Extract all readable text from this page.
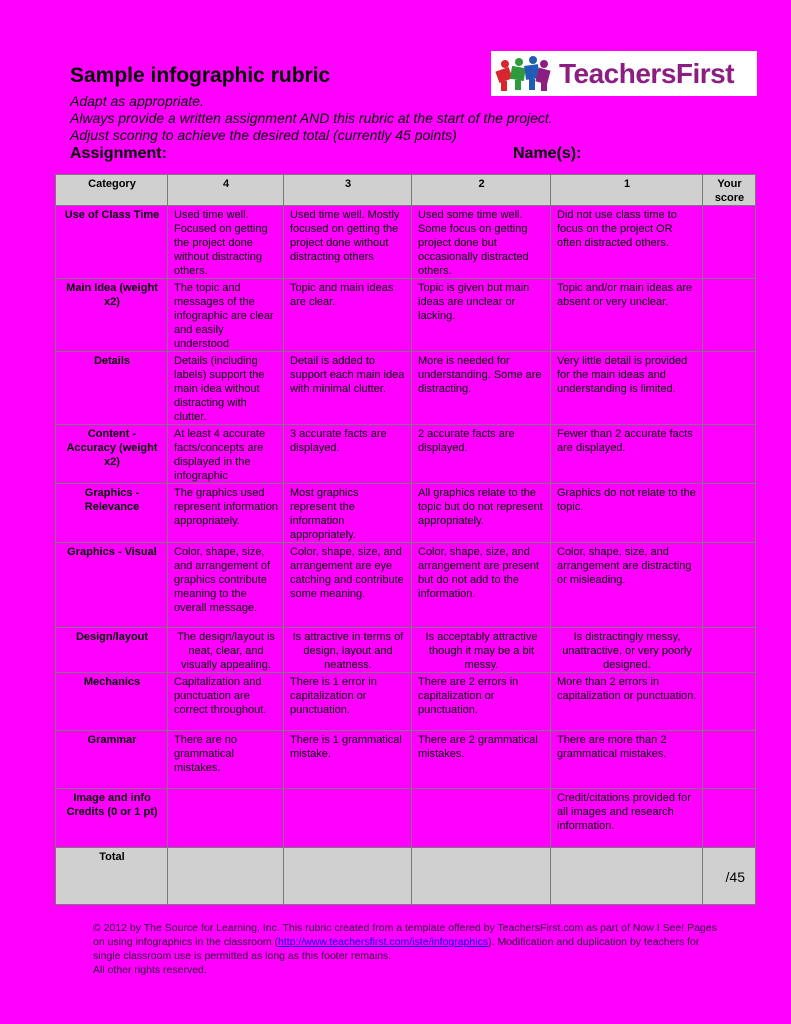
Sample infographic rubric
Adapt as appropriate.
Always provide a written assignment AND this rubric at the start of the project.
Adjust scoring to achieve the desired total (currently 45 points)
Assignment:	Name(s):
TeachersFirst
Category	4	3	2	1	Your score
Use of Class Time	Used time well. Focused on getting the project done without distracting others.	Used time well. Mostly focused on getting the project done without distracting others	Used some time well. Some focus on getting project done but occasionally distracted others.	Did not use class time to focus on the project OR often distracted others.	
Main Idea (weight x2)	The topic and messages of the infographic are clear and easily understood	Topic and main ideas are clear.	Topic is given but main ideas are unclear or lacking.	Topic and/or main ideas are absent or very unclear.	
Details	Details (including labels) support the main idea without distracting with clutter.	Detail is added to support each main idea with minimal clutter.	More is needed for understanding. Some are distracting.	Very little detail is provided for the main ideas and understanding is limited.	
Content - Accuracy (weight x2)	At least 4 accurate facts/concepts are displayed in the infographic	3 accurate facts are displayed.	2 accurate facts are displayed.	Fewer than 2 accurate facts are displayed.	
Graphics - Relevance	The graphics used represent information appropriately.	Most graphics represent the information appropriately.	All graphics relate to the topic but do not represent appropriately.	Graphics do not relate to the topic.	
Graphics - Visual	Color, shape, size, and arrangement of graphics contribute meaning to the overall message.	Color, shape, size, and arrangement are eye catching and contribute some meaning.	Color, shape, size, and arrangement are present but do not add to the information.	Color, shape, size, and arrangement are distracting or misleading.	
Design/layout	The design/layout is neat, clear, and visually appealing.	Is attractive in terms of design, layout and neatness.	Is acceptably attractive though it may be a bit messy.	Is distractingly messy, unattractive, or very poorly designed.	
Mechanics	Capitalization and punctuation are correct throughout.	There is 1 error in capitalization or punctuation.	There are 2 errors in capitalization or punctuation.	More than 2 errors in capitalization or punctuation.	
Grammar	There are no grammatical mistakes.	There is 1 grammatical mistake.	There are 2 grammatical mistakes.	There are more than 2 grammatical mistakes.	
Image and info Credits (0 or 1 pt)				Credit/citations provided for all images and research information.	
Total					/45
© 2012 by The Source for Learning, Inc. This rubric created from a template offered by TeachersFirst.com as part of Now I See! Pages on using infographics in the classroom (http://www.teachersfirst.com/iste/infographics). Modification and duplication by teachers for single classroom use is permitted as long as this footer remains.
All other rights reserved.
